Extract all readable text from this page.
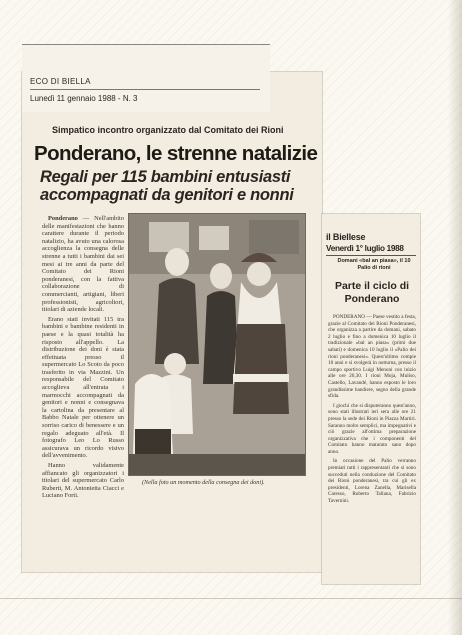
ECO DI BIELLA
Lunedì 11 gennaio 1988 - N. 3
Simpatico incontro organizzato dal Comitato dei Rioni
Ponderano, le strenne natalizie
Regali per 115 bambini entusiasti accompagnati da genitori e nonni

Ponderano — Nell'ambito delle manifestazioni che hanno carattere durante il periodo natalizio, ha avuto una calorosa accoglienza la consegna delle strenne a tutti i bambini dai sei mesi ai tre anni da parte del Comitato dei Rioni ponderanesi, con la fattiva collaborazione di commercianti, artigiani, liberi professionisti, agricoltori, titolari di aziende locali.

Erano stati invitati 115 tra bambini e bambine residenti in paese e la quasi totalità ha risposto all'appello. La distribuzione dei doni è stata effettuata presso il supermercato Lo Scoto da poco trasferito in via Mazzini. Un responsabile del Comitato accoglieva all'entrata i marmocchi accompagnati da genitori e nonni e consegnava la cartolina da presentare al Babbo Natale per ottenere un sorriso carico di benessere e un regalo adeguato all'età. Il fotografo Leo Lo Russo assicurava un ricordo visivo dell'avvenimento.

Hanno validamente affiancato gli organizzatori i titolari del supermercato Carlo Ruberti, M. Antonietta Ciacci e Luciano Forti.

(Nella foto un momento della consegna dei doni).
il Biellese
Venerdì 1° luglio 1988
Domani «bal an piasa», il 10 Palio di rioni
Parte il ciclo di Ponderano

PONDERANO — Paese vestito a festa, grazie al Comitato dei Rioni Ponderanesi, che organizza a partire da domani, sabato 2 luglio e fino a domenica 10 luglio il tradizionale «bal an piasa» (primi due sabati) e domenica 10 luglio il «Palio dei rioni ponderanesi». Quest'ultimo compie 10 anni e si svolgerà in notturna, presso il campo sportivo Luigi Menoni con inizio alle ore 20,30. I rioni Moja, Muliso, Castello, Lavandé, hanno esposto le loro grandissime bandiere, segno della grande sfida.

I giochi che si disputeranno quest'anno, sono stati illustrati ieri sera alle ore 21 presso la sede dei Rioni in Piazza Martiri. Saranno molto semplici, ma impegnativi e ciò grazie all'ottima preparazione organizzativa che i componenti del Comitato hanno maturato sano dopo anno.

In occasione del Palio verranno premiati tutti i rappresentanti che si sono succeduti nella conduzione del Comitato dei Rioni ponderanesi, tra cui gli ex presidenti, Lorena Zanella, Marisella Caresso, Roberto Tallana, Fabrizio Tavernini.
